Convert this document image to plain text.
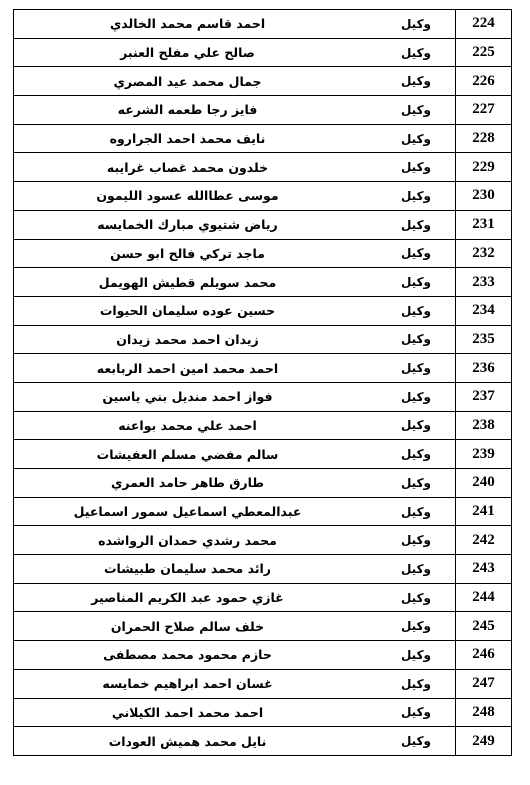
224	وكيل	احمد قاسم محمد الخالدي
225	وكيل	صالح علي مفلح العنبر
226	وكيل	جمال محمد عيد المصري
227	وكيل	فايز رجا طعمه الشرعه
228	وكيل	نايف محمد احمد الجراروه
229	وكيل	خلدون محمد غصاب غرايبه
230	وكيل	موسى عطاالله عسود الليمون
231	وكيل	رياض شتيوي مبارك الخمايسه
232	وكيل	ماجد تركي فالح ابو حسن
233	وكيل	محمد سويلم قطيش الهويمل
234	وكيل	حسين عوده سليمان الحيوات
235	وكيل	زيدان احمد محمد زيدان
236	وكيل	احمد محمد امين احمد الربابعه
237	وكيل	فواز احمد منديل بني ياسين
238	وكيل	احمد علي محمد بواعنه
239	وكيل	سالم مفضي مسلم العفيشات
240	وكيل	طارق طاهر حامد العمري
241	وكيل	عبدالمعطي اسماعيل سمور اسماعيل
242	وكيل	محمد رشدي حمدان الرواشده
243	وكيل	رائد محمد سليمان طبيشات
244	وكيل	غازي حمود عبد الكريم المناصير
245	وكيل	خلف سالم صلاح الحمران
246	وكيل	حازم محمود محمد مصطفى
247	وكيل	غسان احمد ابراهيم خمايسه
248	وكيل	احمد محمد احمد الكيلاني
249	وكيل	نايل محمد هميش العودات
